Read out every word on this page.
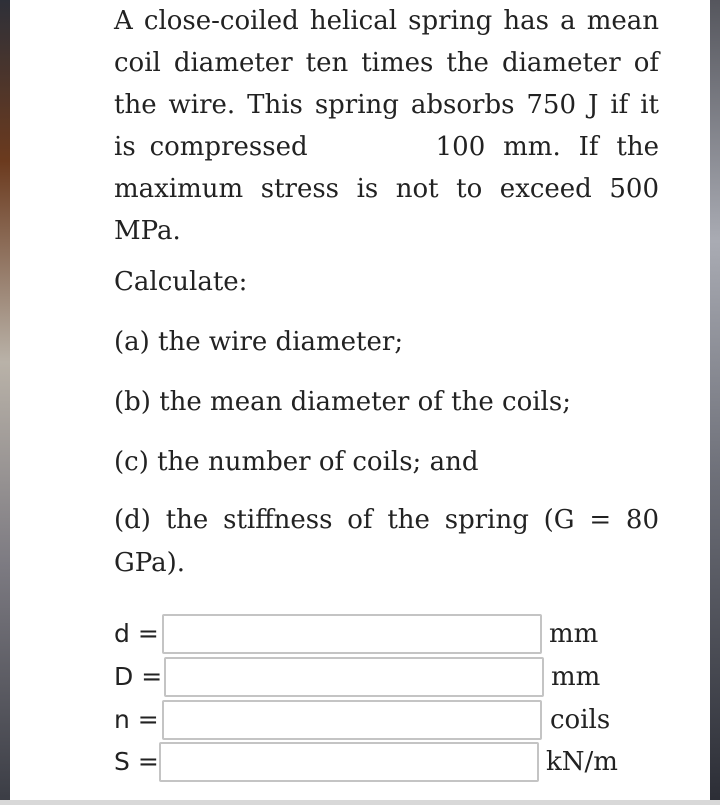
A close-coiled helical spring has a mean coil diameter ten times the diameter of the wire. This spring absorbs 750 J if it is compressed	100 mm. If the maximum stress is not to exceed 500 MPa.

Calculate:

(a) the wire diameter;

(b) the mean diameter of the coils;

(c) the number of coils; and

(d) the stiffness of the spring (G = 80 GPa).

d =	mm
D =	mm
n =	coils
S =	kN/m
